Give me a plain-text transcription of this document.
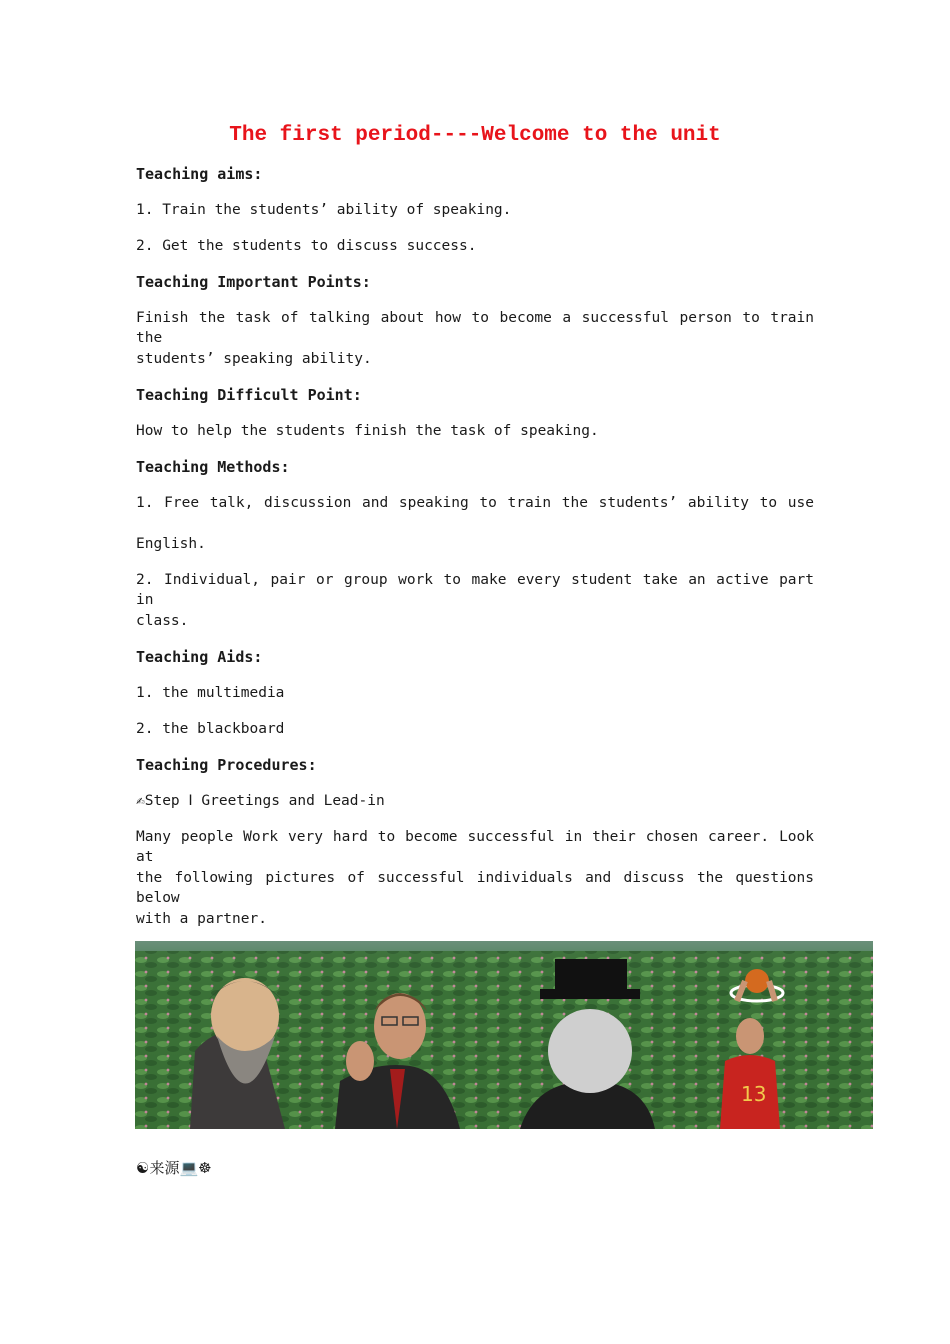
The first period----Welcome to the unit
Teaching aims:
1. Train the students’ ability of speaking.
2. Get the students to discuss success.
Teaching Important Points:
Finish the task of talking about how to become a successful person to train the
students’ speaking ability.
Teaching Difficult Point:
How to help the students finish the task of speaking.
Teaching Methods:
1. Free talk, discussion and speaking to train the students’ ability to use
English.
2. Individual, pair or group work to make every student take an active part in
class.
Teaching Aids:
1. the multimedia
2. the blackboard
Teaching Procedures:
✍Step Ⅰ Greetings and Lead-in
Many people Work very hard to become successful in their chosen career. Look at
the following pictures of successful individuals and discuss the questions below
with a partner.
13
☯来源💻☸
